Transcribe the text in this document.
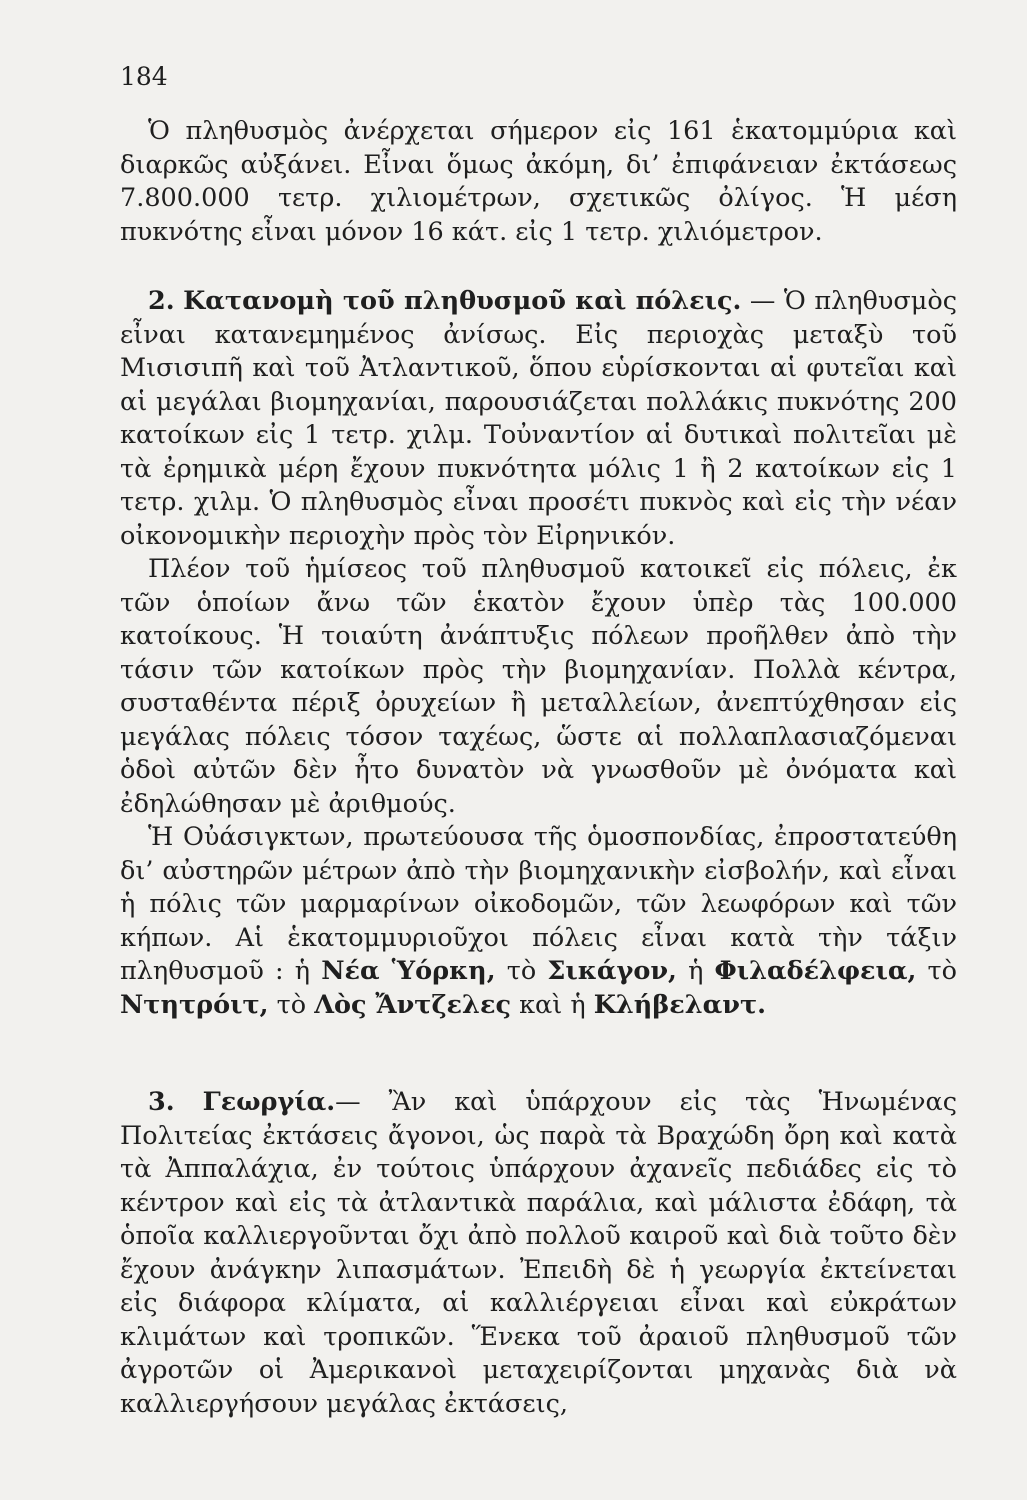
184

Ὁ πληθυσμὸς ἀνέρχεται σήμερον εἰς 161 ἑκατομμύρια καὶ διαρκῶς αὐξάνει. Εἶναι ὅμως ἀκόμη, δι’ ἐπιφάνειαν ἐκτάσεως 7.800.000 τετρ. χιλιομέτρων, σχετικῶς ὀλίγος. Ἡ μέση πυκνότης εἶναι μόνον 16 κάτ. εἰς 1 τετρ. χιλιόμετρον.

2. Κατανομὴ τοῦ πληθυσμοῦ καὶ πόλεις. — Ὁ πληθυσμὸς εἶναι κατανεμημένος ἀνίσως. Εἰς περιοχὰς μεταξὺ τοῦ Μισισιπῆ καὶ τοῦ Ἀτλαντικοῦ, ὅπου εὑρίσκονται αἱ φυτεῖαι καὶ αἱ μεγάλαι βιομηχανίαι, παρουσιάζεται πολλάκις πυκνότης 200 κατοίκων εἰς 1 τετρ. χιλμ. Τοὐναντίον αἱ δυτικαὶ πολιτεῖαι μὲ τὰ ἐρημικὰ μέρη ἔχουν πυκνότητα μόλις 1 ἢ 2 κατοίκων εἰς 1 τετρ. χιλμ. Ὁ πληθυσμὸς εἶναι προσέτι πυκνὸς καὶ εἰς τὴν νέαν οἰκονομικὴν περιοχὴν πρὸς τὸν Εἰρηνικόν.

Πλέον τοῦ ἡμίσεος τοῦ πληθυσμοῦ κατοικεῖ εἰς πόλεις, ἐκ τῶν ὁποίων ἄνω τῶν ἑκατὸν ἔχουν ὑπὲρ τὰς 100.000 κατοίκους. Ἡ τοιαύτη ἀνάπτυξις πόλεων προῆλθεν ἀπὸ τὴν τάσιν τῶν κατοίκων πρὸς τὴν βιομηχανίαν. Πολλὰ κέντρα, συσταθέντα πέριξ ὀρυχείων ἢ μεταλλείων, ἀνεπτύχθησαν εἰς μεγάλας πόλεις τόσον ταχέως, ὥστε αἱ πολλαπλασιαζόμεναι ὁδοὶ αὐτῶν δὲν ἦτο δυνατὸν νὰ γνωσθοῦν μὲ ὀνόματα καὶ ἐδηλώθησαν μὲ ἀριθμούς.

Ἡ Οὐάσιγκτων, πρωτεύουσα τῆς ὁμοσπονδίας, ἐπροστατεύθη δι’ αὐστηρῶν μέτρων ἀπὸ τὴν βιομηχανικὴν εἰσβολήν, καὶ εἶναι ἡ πόλις τῶν μαρμαρίνων οἰκοδομῶν, τῶν λεωφόρων καὶ τῶν κήπων. Αἱ ἑκατομμυριοῦχοι πόλεις εἶναι κατὰ τὴν τάξιν πληθυσμοῦ : ἡ Νέα Ὑόρκη, τὸ Σικάγον, ἡ Φιλαδέλφεια, τὸ Ντητρόιτ, τὸ Λὸς Ἄντζελες καὶ ἡ Κλήβελαντ.

3. Γεωργία.— Ἂν καὶ ὑπάρχουν εἰς τὰς Ἡνωμένας Πολιτείας ἐκτάσεις ἄγονοι, ὡς παρὰ τὰ Βραχώδη ὄρη καὶ κατὰ τὰ Ἀππαλάχια, ἐν τούτοις ὑπάρχουν ἀχανεῖς πεδιάδες εἰς τὸ κέντρον καὶ εἰς τὰ ἀτλαντικὰ παράλια, καὶ μάλιστα ἐδάφη, τὰ ὁποῖα καλλιεργοῦνται ὄχι ἀπὸ πολλοῦ καιροῦ καὶ διὰ τοῦτο δὲν ἔχουν ἀνάγκην λιπασμάτων. Ἐπειδὴ δὲ ἡ γεωργία ἐκτείνεται εἰς διάφορα κλίματα, αἱ καλλιέργειαι εἶναι καὶ εὐκράτων κλιμάτων καὶ τροπικῶν. Ἕνεκα τοῦ ἀραιοῦ πληθυσμοῦ τῶν ἀγροτῶν οἱ Ἀμερικανοὶ μεταχειρίζονται μηχανὰς διὰ νὰ καλλιεργήσουν μεγάλας ἐκτάσεις,
